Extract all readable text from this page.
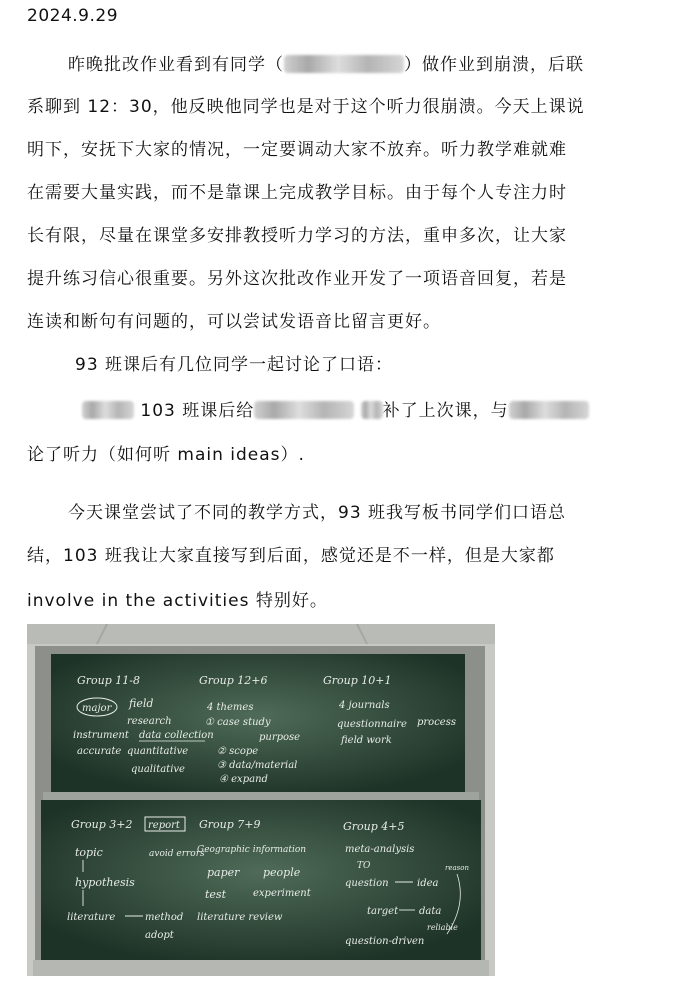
2024.9.29
昨晚批改作业看到有同学（	）做作业到崩溃，后联
系聊到 12：30，他反映他同学也是对于这个听力很崩溃。今天上课说
明下，安抚下大家的情况，一定要调动大家不放弃。听力教学难就难
在需要大量实践，而不是靠课上完成教学目标。由于每个人专注力时
长有限，尽量在课堂多安排教授听力学习的方法，重申多次，让大家
提升练习信心很重要。另外这次批改作业开发了一项语音回复，若是
连读和断句有问题的，可以尝试发语音比留言更好。
93 班课后有几位同学一起讨论了口语：
103 班课后给	补了上次课，与
论了听力（如何听 main ideas）.
今天课堂尝试了不同的教学方式，93 班我写板书同学们口语总
结，103 班我让大家直接写到后面，感觉还是不一样，但是大家都
involve in the activities 特别好。
Group 11-8
major field
research
instrument data collection
accurate quantitative
qualitative
Group 12+6
4 themes
① case study
purpose
② scope
③ data/material
④ expand
Group 10+1
4 journals
questionnaire process
field work
Group 3+2 report
topic	avoid errors
hypothesis
literature	method
adopt
Group 7+9
Geographic information
paper people
test	experiment
literature review
Group 4+5
meta-analysis
TO
question	idea
reason
target data
reliable
question-driven
